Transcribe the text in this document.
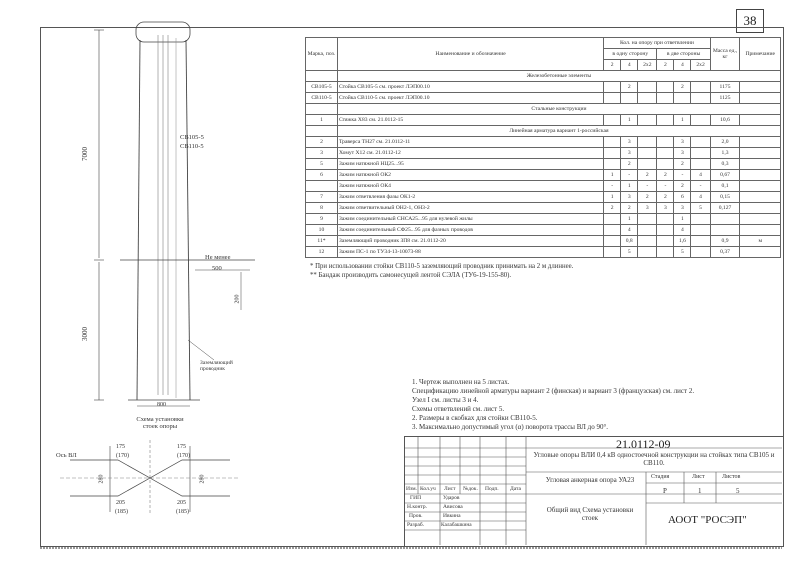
38
СВ105-5
СВ110-5
7000
3000
Не менее
500
200
800
Заземляющий проводник
Схема установки стоек опоры
Ось ВЛ
175
(170)
205
(185)
280
175
(170)
205
(185)
280
Марка, поз.	Наименование и обозначение	Кол. на опору при ответвлении						Масса ед., кг	Примечание
		в одну сторону			в две стороны				
		2	4	2х2	2	4	2х2		
	Железобетонные элементы								
СВ105-5	Стойка СВ105-5 см. проект ЛЭП00.10		2			2		1175	
СВ110-5	Стойка СВ110-5 см. проект ЛЭП00.10							1125	
	Стальные конструкции								
1	Стяжка Х83 см. 21.0112-15		1			1		10,6	
	Линейная арматура вариант 1-российская								
2	Траверса ТН27 см. 21.0112-11		3			3		2,0	
3	Хомут Х12 см. 21.0112-12		3			3		1,3	
5	Зажим натяжной НЦ25...95		2			2		0,3	
6	Зажим натяжной ОК2	1	-	2	2	-	4	0,67	
	Зажим натяжной ОК4	-	1	-	-	2	-	0,1	
7	Зажим ответвления фазы ОК1-2	1	3	2	2	6	4	0,15	
8	Зажим ответвительный ОН2-1, ОН3-2	2	2	3	3	3	5	0,127	
9	Зажим соединительный СНСА25...95 для нулевой жилы		1			1			
10	Зажим соединительный СФ25...95 для фазных проводов		4			4			
11*	Заземляющий проводник ЗП8 см. 21.0112-20		0,8			1,6		0,9	м
12	Зажим ПС-1 по ТУ34-13-10073-88		5			5		0,37	
* При использовании стойки СВ110-5 заземляющий проводник принимать на 2 м длиннее.
** Бандаж производить самонесущей лентой СЭЛА (ТУ6-19-155-80).
1. Чертеж выполнен на 5 листах.
Спецификацию линейной арматуры вариант 2 (финская) и вариант 3 (французская) см. лист 2.
Узел I см. листы 3 и 4.
Схемы ответвлений см. лист 5.
2. Размеры в скобках для стойки СВ110-5.
3. Максимально допустимый угол (α) поворота трассы ВЛ до 90°.
Изм. Кол.уч Лист №док. Подп. Дата
ГИП
Н.контр.
Пров.
Разраб.
Ударов
Ависова
Ивкина
Калабашкина
21.0112-09
Угловые опоры ВЛИ 0,4 кВ одностоечной конструкции на стойках типа СВ105 и СВ110.
Угловая анкерная опора УА23
Общий вид Схема установки стоек
Стадия	Лист	Листов
Р	1	5
АООТ "РОСЭП"
